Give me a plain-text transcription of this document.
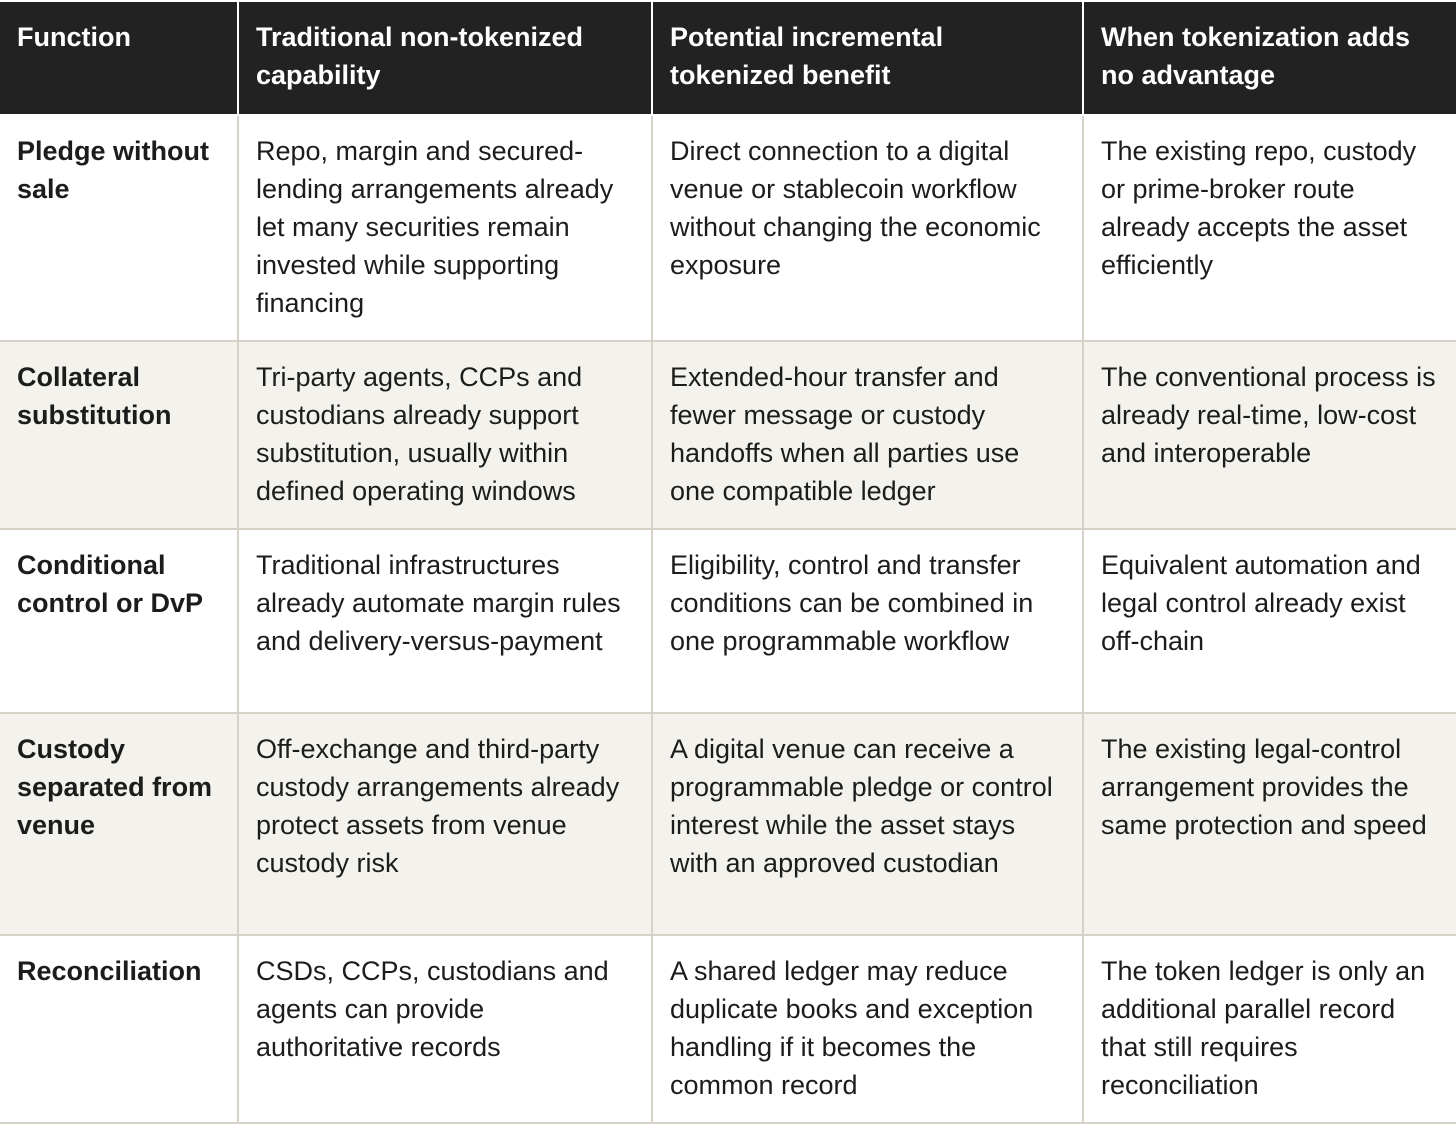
Function	Traditional non-tokenized capability	Potential incremental tokenized benefit	When tokenization adds no advantage
Pledge without sale	Repo, margin and secured-lending arrangements already let many securities remain invested while supporting financing	Direct connection to a digital venue or stablecoin workflow without changing the economic exposure	The existing repo, custody or prime-broker route already accepts the asset efficiently
Collateral substitution	Tri-party agents, CCPs and custodians already support substitution, usually within defined operating windows	Extended-hour transfer and fewer message or custody handoffs when all parties use one compatible ledger	The conventional process is already real-time, low-cost and interoperable
Conditional control or DvP	Traditional infrastructures already automate margin rules and delivery-versus-payment	Eligibility, control and transfer conditions can be combined in one programmable workflow	Equivalent automation and legal control already exist off-chain
Custody separated from venue	Off-exchange and third-party custody arrangements already protect assets from venue custody risk	A digital venue can receive a programmable pledge or control interest while the asset stays with an approved custodian	The existing legal-control arrangement provides the same protection and speed
Reconciliation	CSDs, CCPs, custodians and agents can provide authoritative records	A shared ledger may reduce duplicate books and exception handling if it becomes the common record	The token ledger is only an additional parallel record that still requires reconciliation
